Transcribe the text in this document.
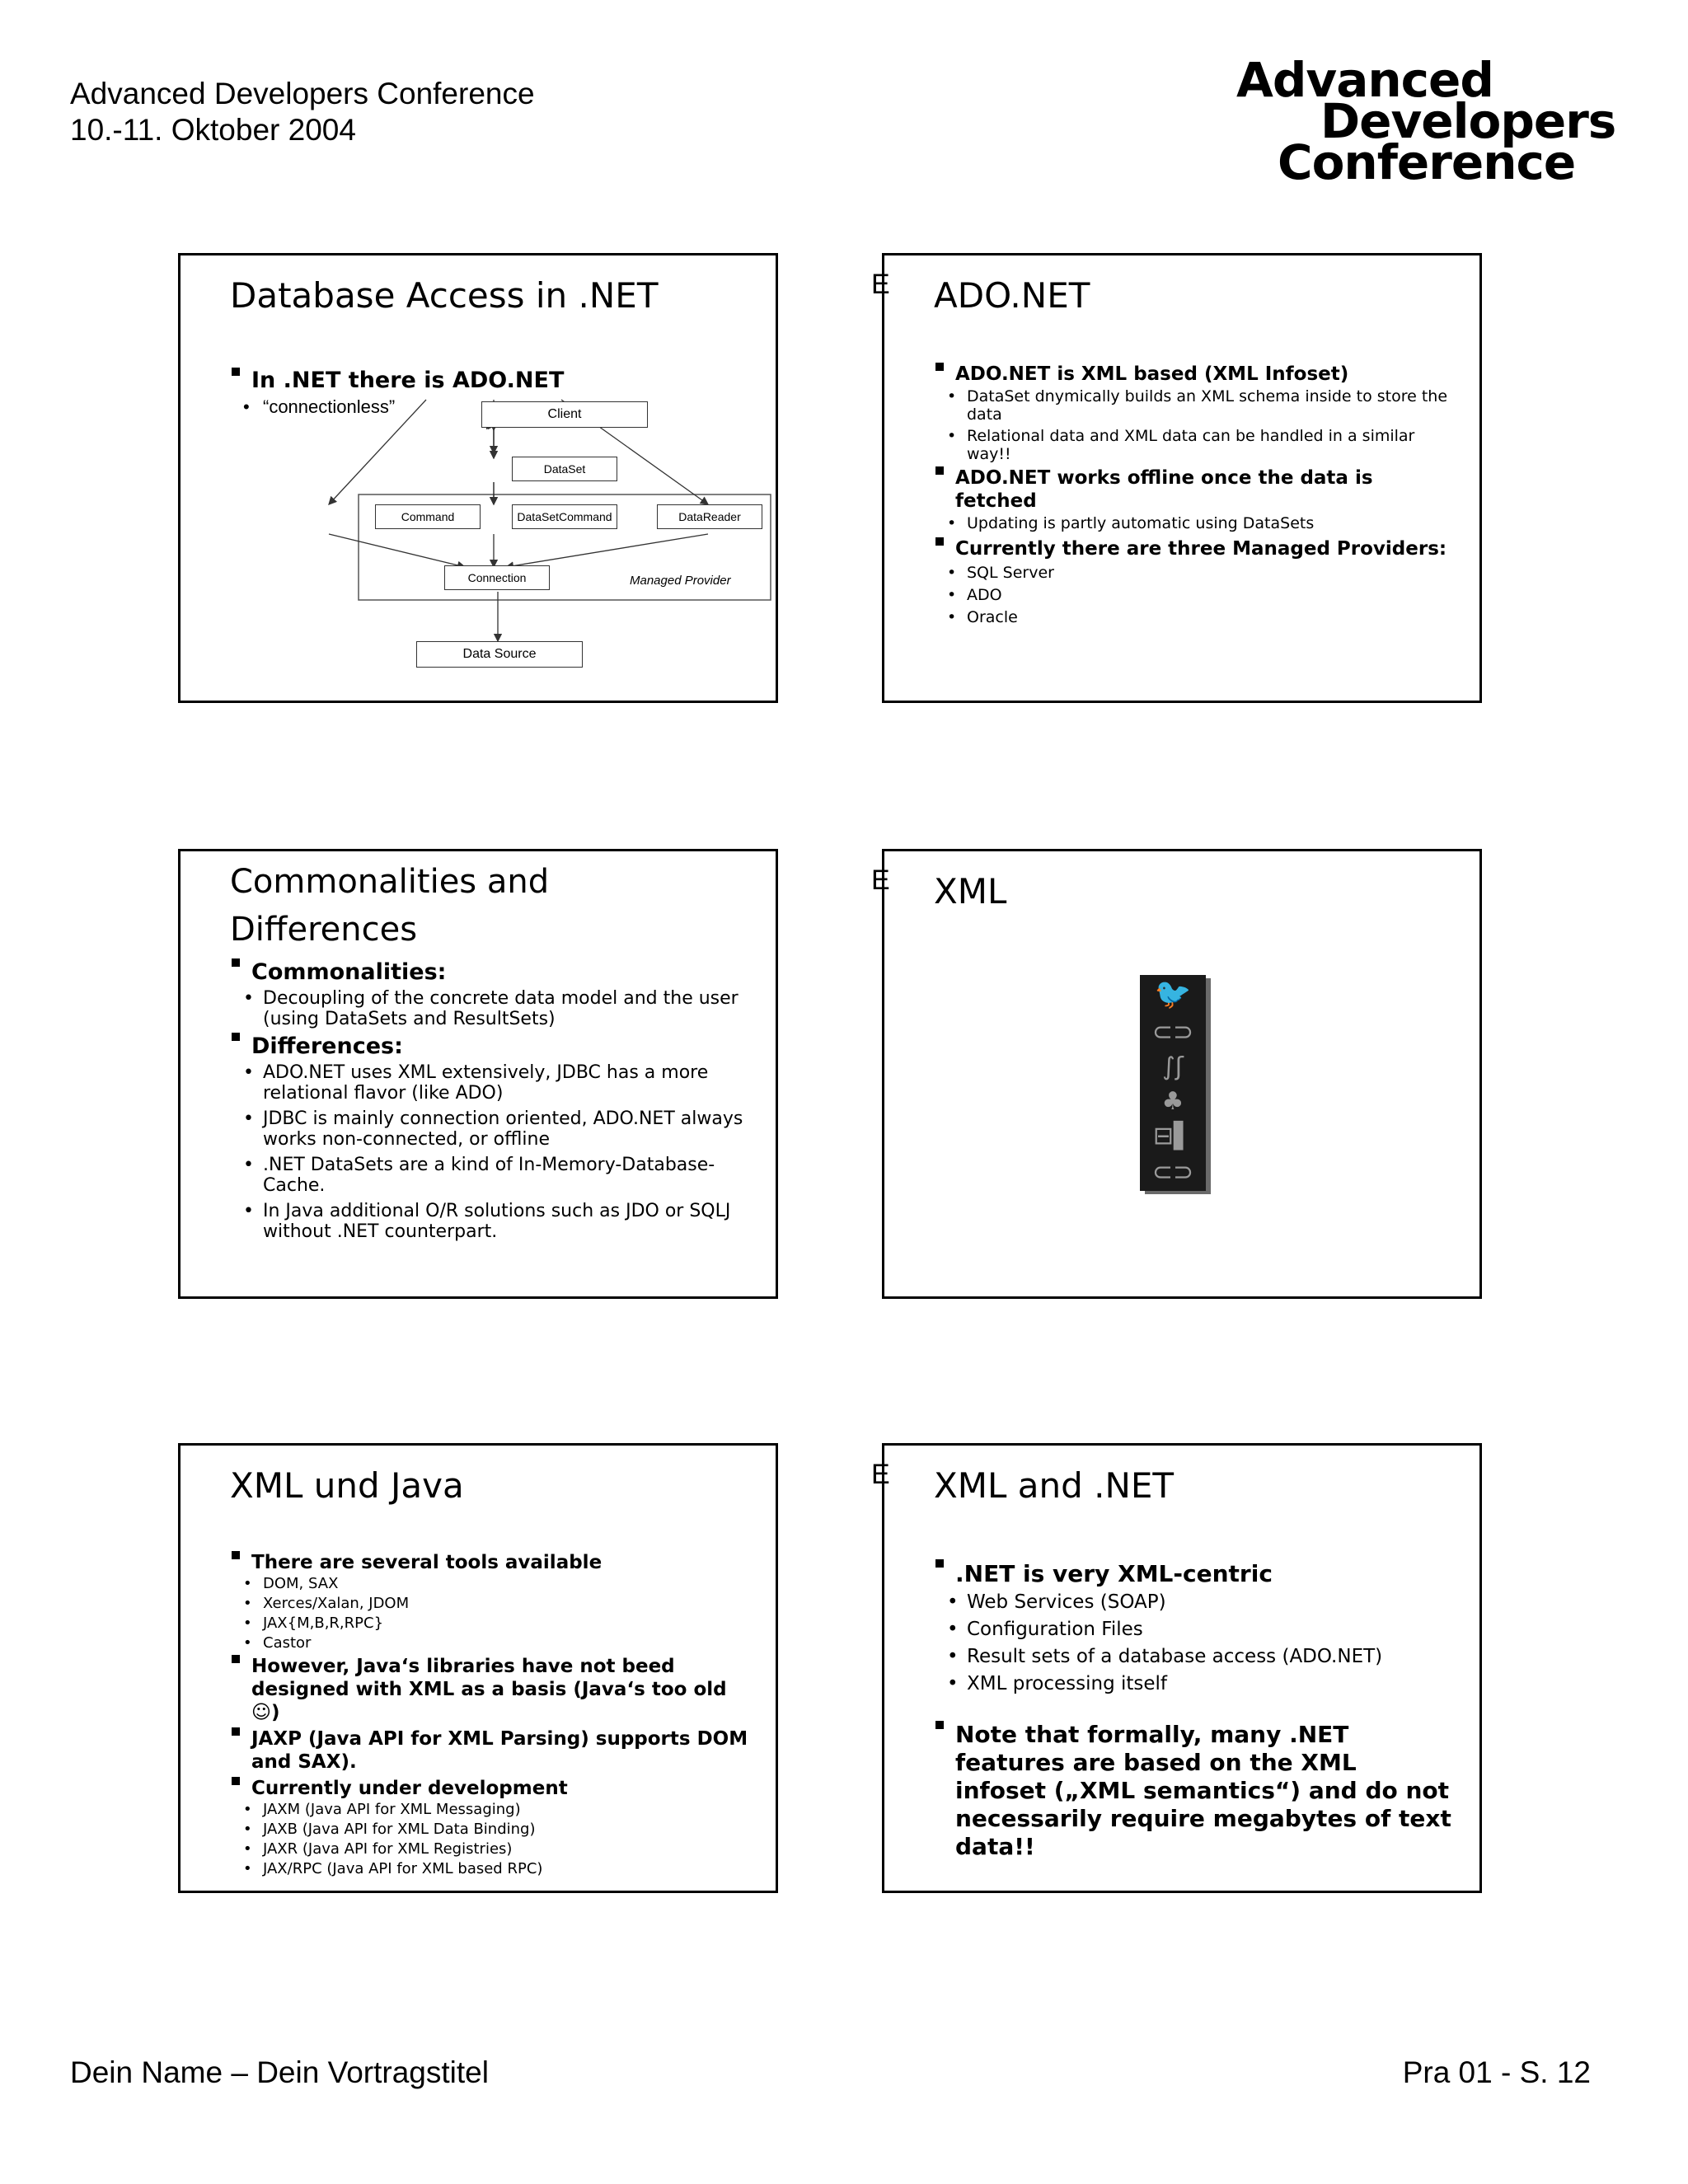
Advanced Developers Conference
10.-11. Oktober 2004
Advanced
Developers
Conference
Database Access in .NET
In .NET there is ADO.NET
• “connectionless”	Client
DataSet
Command	DataSetCommand	DataReader
Connection	Managed Provider
Data Source
E ADO.NET
ADO.NET is XML based (XML Infoset)
• DataSet dnymically builds an XML schema inside to store the data
• Relational data and XML data can be handled in a similar way!!
ADO.NET works offline once the data is fetched
• Updating is partly automatic using DataSets
Currently there are three Managed Providers:
• SQL Server
• ADO
• Oracle
Commonalities and
Differences
Commonalities:
• Decoupling of the concrete data model and the user (using DataSets and ResultSets)
Differences:
• ADO.NET uses XML extensively, JDBC has a more relational flavor (like ADO)
• JDBC is mainly connection oriented, ADO.NET always works non-connected, or offline
• .NET DataSets are a kind of In-Memory-Database-Cache.
• In Java additional O/R solutions such as JDO or SQLJ without .NET counterpart.
E XML
🐦
⊂⊃
∫ʃ
♣
⊟▌
⊂⊃
XML und Java
There are several tools available
• DOM, SAX
• Xerces/Xalan, JDOM
• JAX{M,B,R,RPC}
• Castor
However, Java‘s libraries have not beed designed with XML as a basis (Java‘s too old ☺)
JAXP (Java API for XML Parsing) supports DOM and SAX).
Currently under development
• JAXM (Java API for XML Messaging)
• JAXB (Java API for XML Data Binding)
• JAXR (Java API for XML Registries)
• JAX/RPC (Java API for XML based RPC)
E XML and .NET
.NET is very XML-centric
• Web Services (SOAP)
• Configuration Files
• Result sets of a database access (ADO.NET)
• XML processing itself
Note that formally, many .NET features are based on the XML infoset („XML semantics“) and do not necessarily require megabytes of text data!!
Dein Name – Dein Vortragstitel	Pra 01 - S. 12
